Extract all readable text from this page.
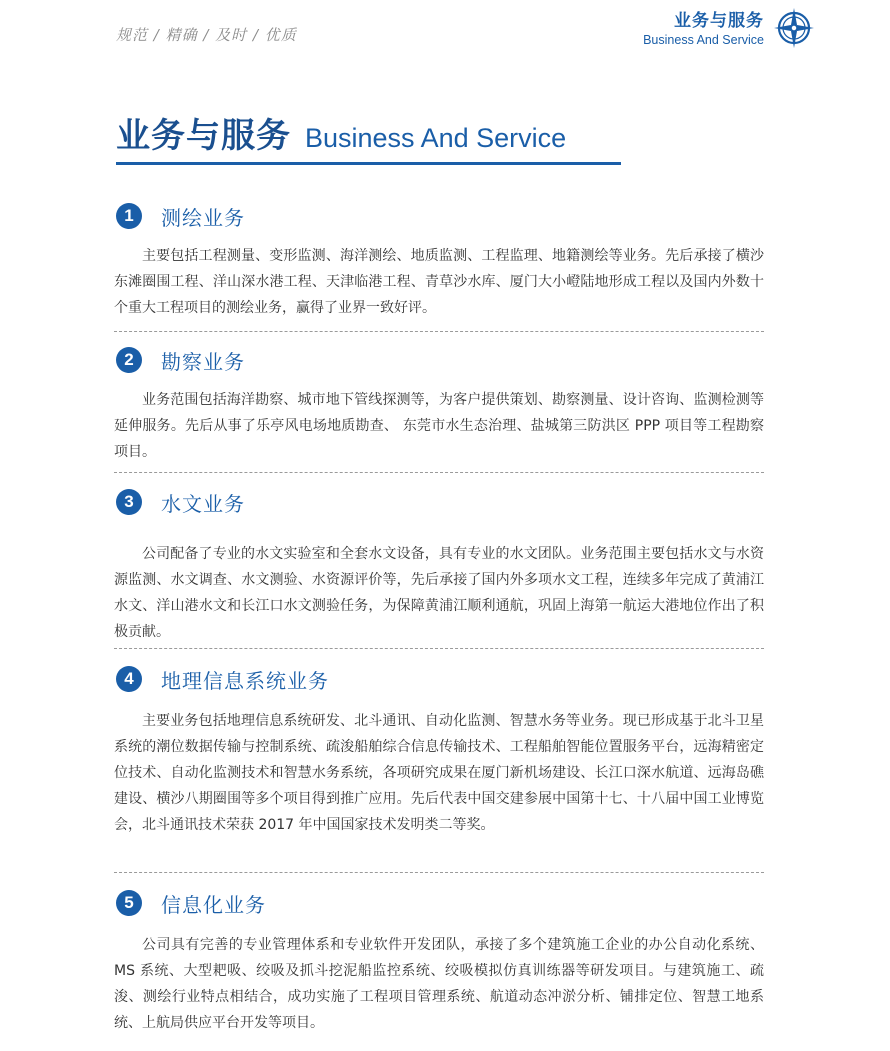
规范 / 精确 / 及时 / 优质
业务与服务
Business And Service
业务与服务 Business And Service
1	测绘业务
主要包括工程测量、变形监测、海洋测绘、地质监测、工程监理、地籍测绘等业务。先后承接了横沙东滩圈围工程、洋山深水港工程、天津临港工程、青草沙水库、厦门大小嶝陆地形成工程以及国内外数十个重大工程项目的测绘业务，赢得了业界一致好评。
2	勘察业务
业务范围包括海洋勘察、城市地下管线探测等，为客户提供策划、勘察测量、设计咨询、监测检测等延伸服务。先后从事了乐亭风电场地质勘查、 东莞市水生态治理、盐城第三防洪区 PPP 项目等工程勘察项目。
3	水文业务
公司配备了专业的水文实验室和全套水文设备，具有专业的水文团队。业务范围主要包括水文与水资源监测、水文调查、水文测验、水资源评价等，先后承接了国内外多项水文工程，连续多年完成了黄浦江水文、洋山港水文和长江口水文测验任务，为保障黄浦江顺利通航，巩固上海第一航运大港地位作出了积极贡献。
4	地理信息系统业务
主要业务包括地理信息系统研发、北斗通讯、自动化监测、智慧水务等业务。现已形成基于北斗卫星系统的潮位数据传输与控制系统、疏浚船舶综合信息传输技术、工程船舶智能位置服务平台，远海精密定位技术、自动化监测技术和智慧水务系统，各项研究成果在厦门新机场建设、长江口深水航道、远海岛礁建设、横沙八期圈围等多个项目得到推广应用。先后代表中国交建参展中国第十七、十八届中国工业博览会，北斗通讯技术荣获 2017 年中国国家技术发明类二等奖。
5	信息化业务
公司具有完善的专业管理体系和专业软件开发团队，承接了多个建筑施工企业的办公自动化系统、MS 系统、大型耙吸、绞吸及抓斗挖泥船监控系统、绞吸模拟仿真训练器等研发项目。与建筑施工、疏浚、测绘行业特点相结合，成功实施了工程项目管理系统、航道动态冲淤分析、铺排定位、智慧工地系统、上航局供应平台开发等项目。
